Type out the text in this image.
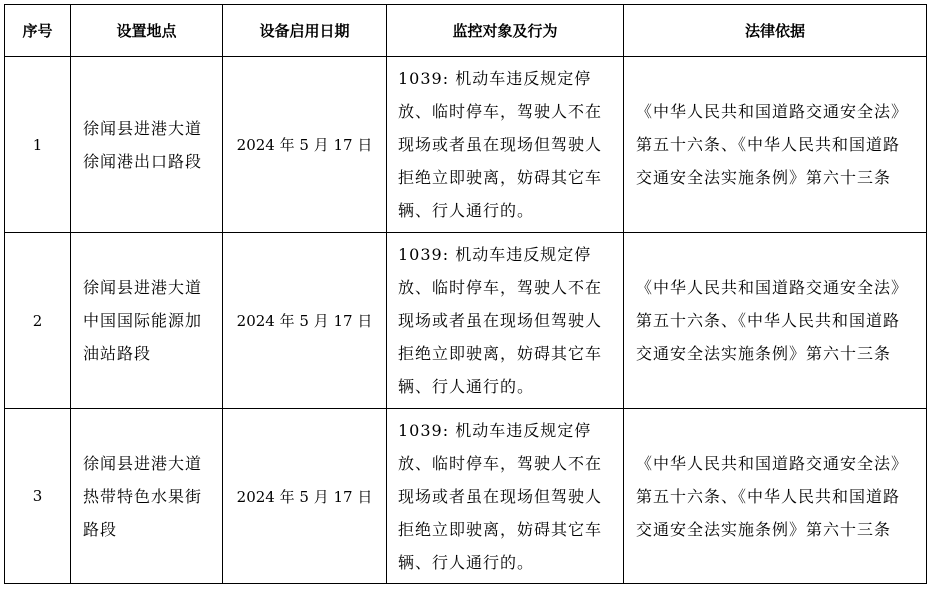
序号	设置地点	设备启用日期	监控对象及行为	法律依据
1	徐闻县进港大道徐闻港出口路段	2024 年 5 月 17 日	1039: 机动车违反规定停放、临时停车，驾驶人不在现场或者虽在现场但驾驶人拒绝立即驶离，妨碍其它车辆、行人通行的。	《中华人民共和国道路交通安全法》第五十六条、《中华人民共和国道路交通安全法实施条例》第六十三条

2	徐闻县进港大道中国国际能源加油站路段	2024 年 5 月 17 日	1039: 机动车违反规定停放、临时停车，驾驶人不在现场或者虽在现场但驾驶人拒绝立即驶离，妨碍其它车辆、行人通行的。	《中华人民共和国道路交通安全法》第五十六条、《中华人民共和国道路交通安全法实施条例》第六十三条

3	徐闻县进港大道热带特色水果街路段	2024 年 5 月 17 日	1039: 机动车违反规定停放、临时停车，驾驶人不在现场或者虽在现场但驾驶人拒绝立即驶离，妨碍其它车辆、行人通行的。	《中华人民共和国道路交通安全法》第五十六条、《中华人民共和国道路交通安全法实施条例》第六十三条
